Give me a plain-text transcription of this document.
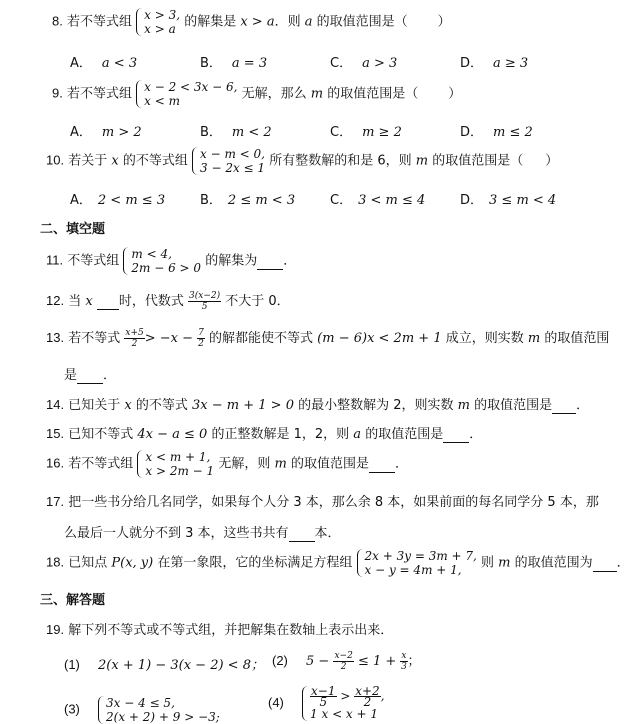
8. 若不等式组 x > 3,
x > a 的解集是 x > a．则 a 的取值范围是（ ）
A． a < 3	B． a = 3	C． a > 3	D． a ≥ 3
9. 若不等式组 x − 2 < 3x − 6,
x < m	无解，那么 m 的取值范围是（ ）
A． m > 2	B． m < 2	C． m ≥ 2	D． m ≤ 2
10. 若关于 x 的不等式组 x − m < 0,
3 − 2x ≤ 1 所有整数解的和是 6，则 m 的取值范围是（ ）
A． 2 < m ≤ 3	B． 2 ≤ m < 3	C． 3 < m ≤ 4	D． 3 ≤ m < 4
二、填空题
11. 不等式组 m < 4,
2m − 6 > 0 的解集为 ．
12. 当 x 时，代数式 $\frac{3(x-2)}{5}$ 不大于 0．
13. 若不等式 $\frac{x+5}{2} > -x - \frac{7}{2}$ 的解都能使不等式 (m − 6)x < 2m + 1 成立，则实数 m 的取值范围
是 ．
14. 已知关于 x 的不等式 3x − m + 1 > 0 的最小整数解为 2，则实数 m 的取值范围是 ．
15. 已知不等式 4x − a ≤ 0 的正整数解是 1，2，则 a 的取值范围是 ．
16. 若不等式组 x < m + 1,
x > 2m − 1 无解，则 m 的取值范围是 ．
17. 把一些书分给几名同学，如果每个人分 3 本，那么余 8 本，如果前面的每名同学分 5 本，那
么最后一人就分不到 3 本，这些书共有 本．
18. 已知点 P(x, y) 在第一象限，它的坐标满足方程组 2x + 3y = 3m + 7,
x − y = 4m + 1,	则 m 的取值范围为 ．
三、解答题
19. 解下列不等式或不等式组，并把解集在数轴上表示出来．
(1) 2(x + 1) − 3(x − 2) < 8； (2) $5 - \frac{x-2}{2} \le 1 + \frac{x}{3}$ ；
(3) 3x − 4 ≤ 5,
2(x + 2) + 9 > −3;
$(4) \frac{x-1}{5} > \frac{x+2}{2}$ ,
1 x < x + 1
